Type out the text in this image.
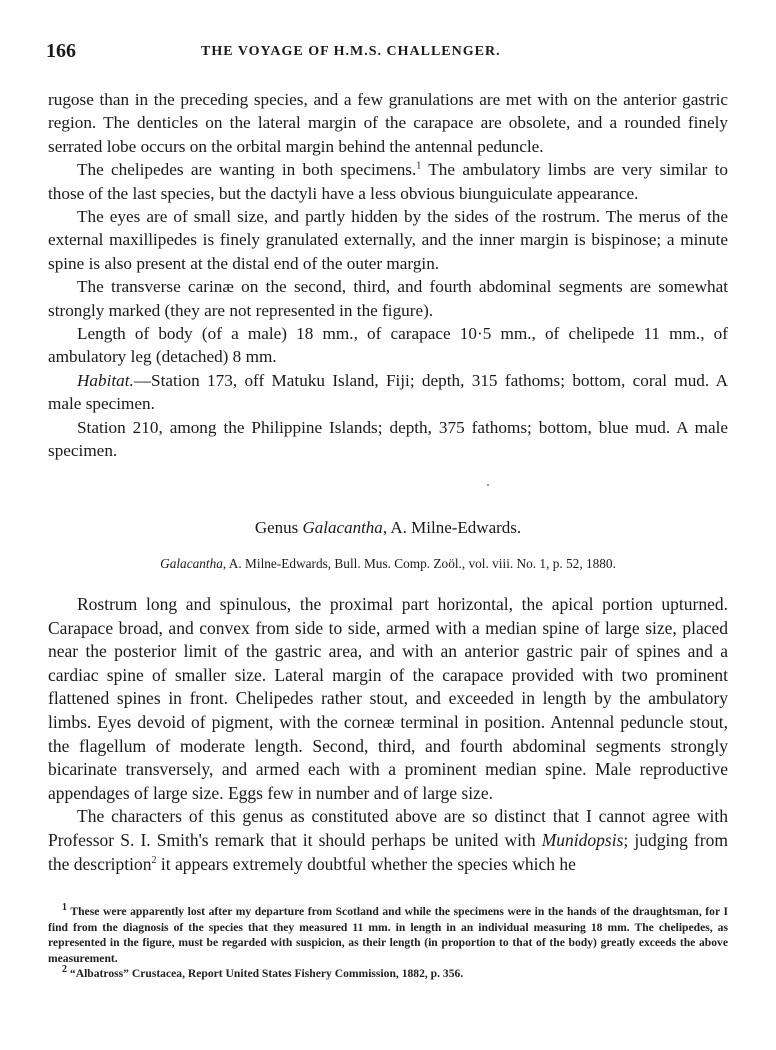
166	THE VOYAGE OF H.M.S. CHALLENGER.

rugose than in the preceding species, and a few granulations are met with on the anterior gastric region. The denticles on the lateral margin of the carapace are obsolete, and a rounded finely serrated lobe occurs on the orbital margin behind the antennal peduncle.

The chelipedes are wanting in both specimens.$^1$ The ambulatory limbs are very similar to those of the last species, but the dactyli have a less obvious biunguiculate appearance.

The eyes are of small size, and partly hidden by the sides of the rostrum. The merus of the external maxillipedes is finely granulated externally, and the inner margin is bispinose; a minute spine is also present at the distal end of the outer margin.

The transverse carinæ on the second, third, and fourth abdominal segments are somewhat strongly marked (they are not represented in the figure).

Length of body (of a male) 18 mm., of carapace 10·5 mm., of chelipede 11 mm., of ambulatory leg (detached) 8 mm.

Habitat.—Station 173, off Matuku Island, Fiji; depth, 315 fathoms; bottom, coral mud. A male specimen.

Station 210, among the Philippine Islands; depth, 375 fathoms; bottom, blue mud. A male specimen.

Genus Galacantha, A. Milne-Edwards.
Galacantha, A. Milne-Edwards, Bull. Mus. Comp. Zoöl., vol. viii. No. 1, p. 52, 1880.

Rostrum long and spinulous, the proximal part horizontal, the apical portion upturned. Carapace broad, and convex from side to side, armed with a median spine of large size, placed near the posterior limit of the gastric area, and with an anterior gastric pair of spines and a cardiac spine of smaller size. Lateral margin of the carapace provided with two prominent flattened spines in front. Chelipedes rather stout, and exceeded in length by the ambulatory limbs. Eyes devoid of pigment, with the corneæ terminal in position. Antennal peduncle stout, the flagellum of moderate length. Second, third, and fourth abdominal segments strongly bicarinate transversely, and armed each with a prominent median spine. Male reproductive appendages of large size. Eggs few in number and of large size.

The characters of this genus as constituted above are so distinct that I cannot agree with Professor S. I. Smith's remark that it should perhaps be united with Munidopsis; judging from the description$^2$ it appears extremely doubtful whether the species which he

$^1$ These were apparently lost after my departure from Scotland and while the specimens were in the hands of the draughtsman, for I find from the diagnosis of the species that they measured 11 mm. in length in an individual measuring 18 mm. The chelipedes, as represented in the figure, must be regarded with suspicion, as their length (in proportion to that of the body) greatly exceeds the above measurement.

$^2$ “Albatross” Crustacea, Report United States Fishery Commission, 1882, p. 356.
